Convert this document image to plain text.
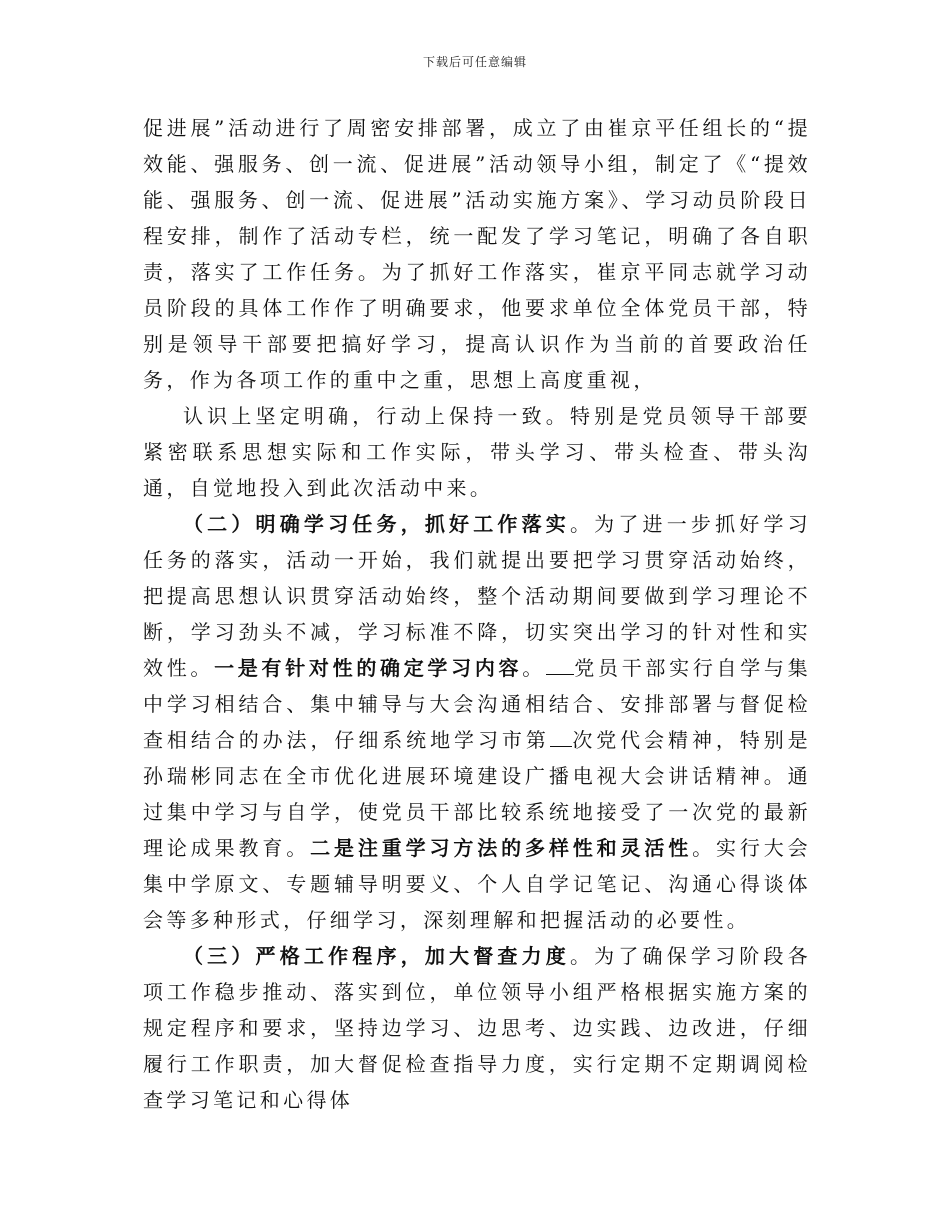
下载后可任意编辑

促进展”活动进行了周密安排部署，成立了由崔京平任组长的“提效能、强服务、创一流、促进展”活动领导小组，制定了《“提效能、强服务、创一流、促进展”活动实施方案》、学习动员阶段日程安排，制作了活动专栏，统一配发了学习笔记，明确了各自职责，落实了工作任务。为了抓好工作落实，崔京平同志就学习动员阶段的具体工作作了明确要求，他要求单位全体党员干部，特别是领导干部要把搞好学习，提高认识作为当前的首要政治任务，作为各项工作的重中之重，思想上高度重视，

认识上坚定明确，行动上保持一致。特别是党员领导干部要紧密联系思想实际和工作实际，带头学习、带头检查、带头沟通，自觉地投入到此次活动中来。

（二）明确学习任务，抓好工作落实。为了进一步抓好学习任务的落实，活动一开始，我们就提出要把学习贯穿活动始终，把提高思想认识贯穿活动始终，整个活动期间要做到学习理论不断，学习劲头不减，学习标准不降，切实突出学习的针对性和实效性。一是有针对性的确定学习内容。 党员干部实行自学与集中学习相结合、集中辅导与大会沟通相结合、安排部署与督促检查相结合的办法，仔细系统地学习市第 次党代会精神，特别是孙瑞彬同志在全市优化进展环境建设广播电视大会讲话精神。通过集中学习与自学，使党员干部比较系统地接受了一次党的最新理论成果教育。二是注重学习方法的多样性和灵活性。实行大会集中学原文、专题辅导明要义、个人自学记笔记、沟通心得谈体会等多种形式，仔细学习，深刻理解和把握活动的必要性。

（三）严格工作程序，加大督查力度。为了确保学习阶段各项工作稳步推动、落实到位，单位领导小组严格根据实施方案的规定程序和要求，坚持边学习、边思考、边实践、边改进，仔细履行工作职责，加大督促检查指导力度，实行定期不定期调阅检查学习笔记和心得体
